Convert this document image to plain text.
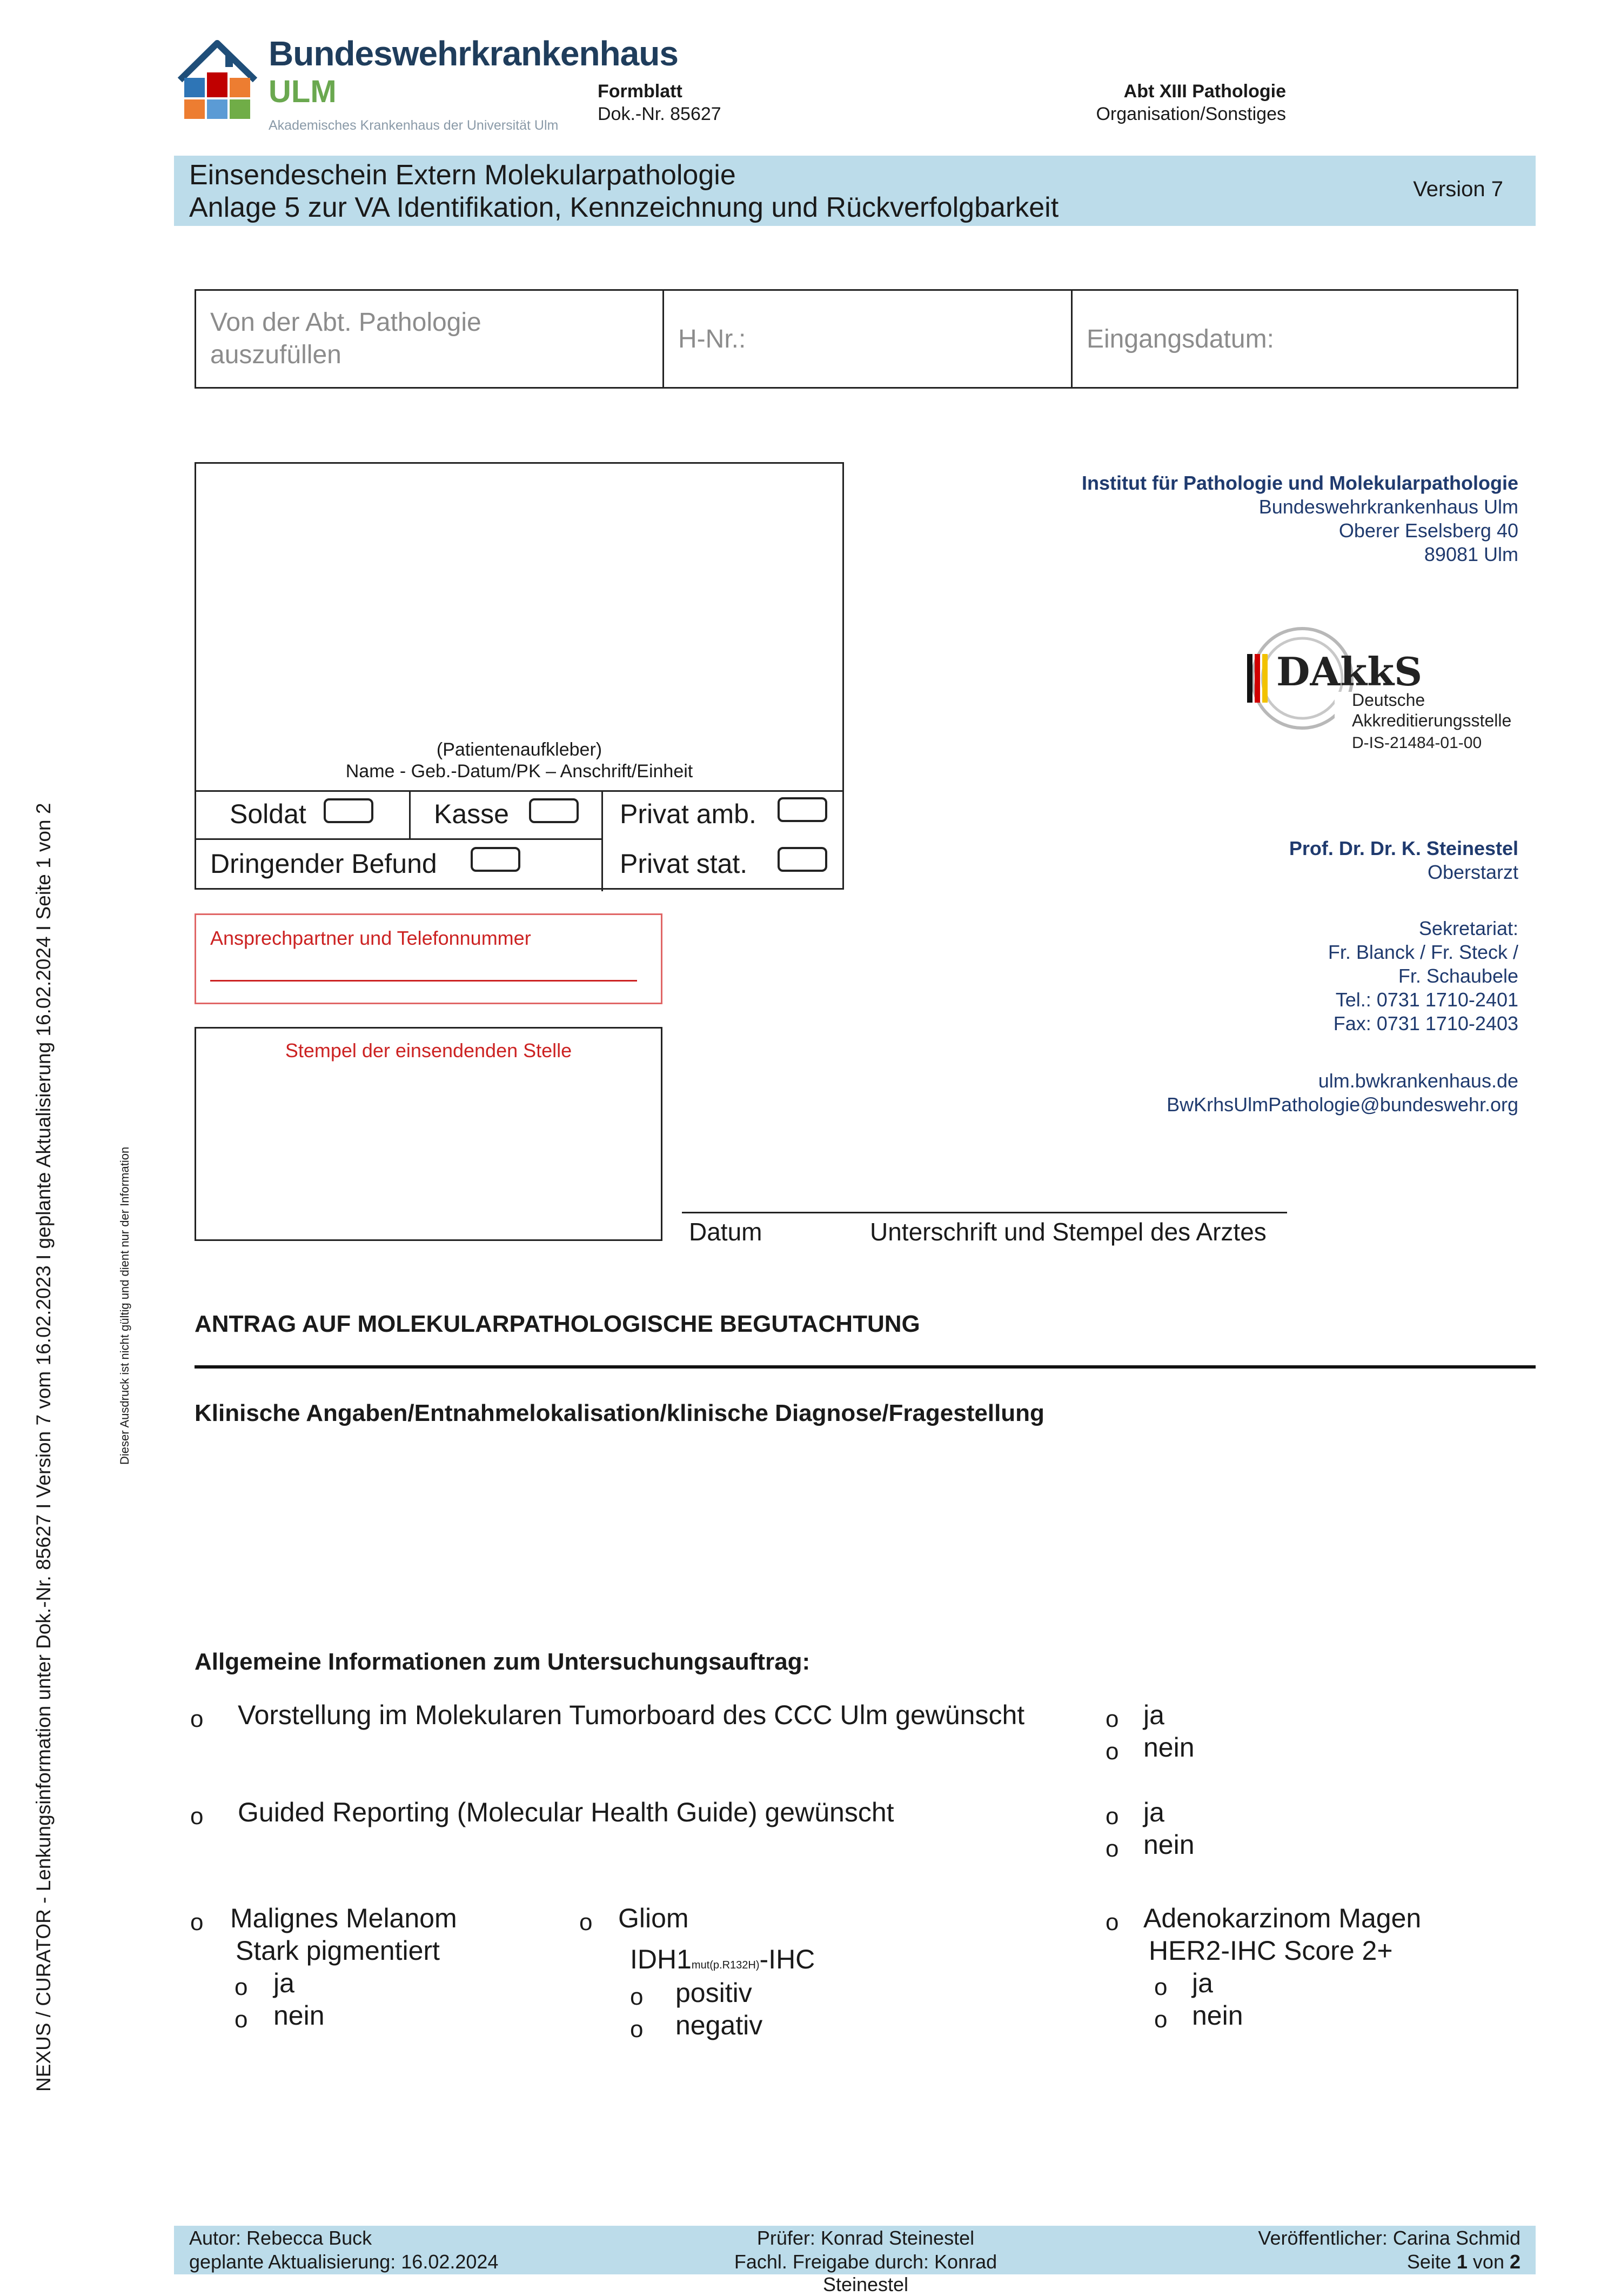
Bundeswehrkrankenhaus
ULM
Akademisches Krankenhaus der Universität Ulm
Formblatt
Dok.-Nr. 85627
Abt XIII Pathologie
Organisation/Sonstiges
Einsendeschein Extern Molekularpathologie
Anlage 5 zur VA Identifikation, Kennzeichnung und Rückverfolgbarkeit
Version 7
Von der Abt. Pathologie auszufüllen
H-Nr.:	Eingangsdatum:
(Patientenaufkleber)
Name - Geb.-Datum/PK – Anschrift/Einheit
Soldat	Kasse	Privat amb.
Dringender Befund	Privat stat.
Ansprechpartner und Telefonnummer
Stempel der einsendenden Stelle
Institut für Pathologie und Molekularpathologie
Bundeswehrkrankenhaus Ulm
Oberer Eselsberg 40
89081 Ulm
DAkkS
Deutsche
Akkreditierungsstelle
D-IS-21484-01-00
Prof. Dr. Dr. K. Steinestel
Oberstarzt
Sekretariat:
Fr. Blanck / Fr. Steck /
Fr. Schaubele
Tel.: 0731 1710-2401
Fax: 0731 1710-2403
ulm.bwkrankenhaus.de
BwKrhsUlmPathologie@bundeswehr.org
Datum	Unterschrift und Stempel des Arztes
ANTRAG AUF MOLEKULARPATHOLOGISCHE BEGUTACHTUNG
Klinische Angaben/Entnahmelokalisation/klinische Diagnose/Fragestellung
Allgemeine Informationen zum Untersuchungsauftrag:
o Vorstellung im Molekularen Tumorboard des CCC Ulm gewünscht	o ja
o nein
o Guided Reporting (Molecular Health Guide) gewünscht	o ja
o nein
o Malignes Melanom
Stark pigmentiert
o ja
o nein
o Gliom
IDH1mut(p.R132H)-IHC
o positiv
o negativ
o Adenokarzinom Magen
HER2-IHC Score 2+
o ja
o nein
Autor: Rebecca Buck
geplante Aktualisierung: 16.02.2024
Prüfer: Konrad Steinestel
Fachl. Freigabe durch: Konrad Steinestel
Veröffentlicher: Carina Schmid
Seite 1 von 2
NEXUS / CURATOR - Lenkungsinformation unter Dok.-Nr. 85627 I Version 7 vom 16.02.2023 I geplante Aktualisierung 16.02.2024 I Seite 1 von 2	Dieser Ausdruck ist nicht gültig und dient nur der Information
